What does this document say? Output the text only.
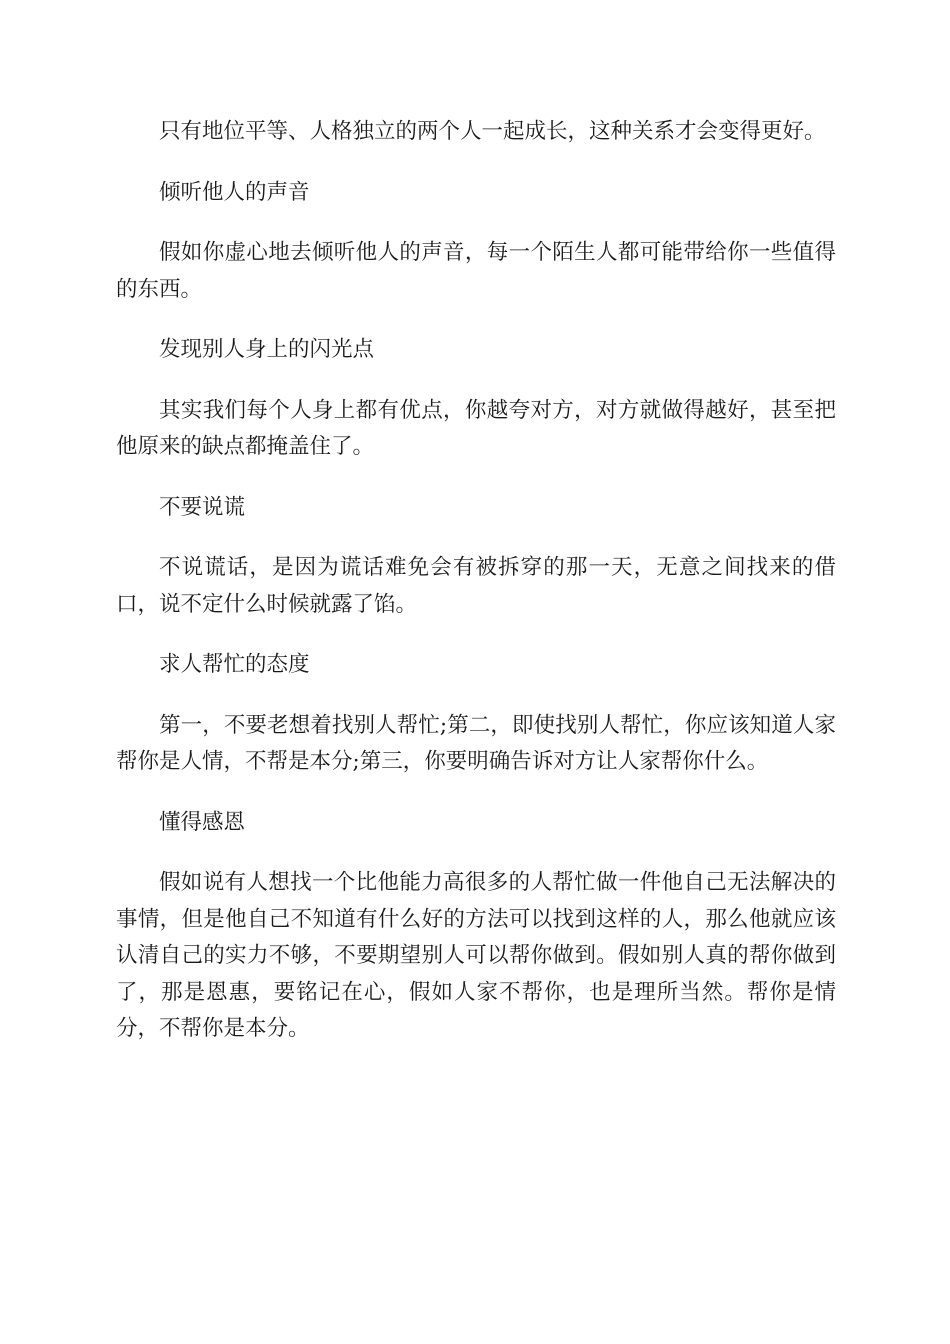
只有地位平等、人格独立的两个人一起成长，这种关系才会变得更好。

倾听他人的声音

假如你虚心地去倾听他人的声音，每一个陌生人都可能带给你一些值得的东西。

发现别人身上的闪光点

其实我们每个人身上都有优点，你越夸对方，对方就做得越好，甚至把他原来的缺点都掩盖住了。

不要说谎

不说谎话，是因为谎话难免会有被拆穿的那一天，无意之间找来的借口，说不定什么时候就露了馅。

求人帮忙的态度

第一，不要老想着找别人帮忙;第二，即使找别人帮忙，你应该知道人家帮你是人情，不帮是本分;第三，你要明确告诉对方让人家帮你什么。

懂得感恩

假如说有人想找一个比他能力高很多的人帮忙做一件他自己无法解决的事情，但是他自己不知道有什么好的方法可以找到这样的人，那么他就应该认清自己的实力不够，不要期望别人可以帮你做到。假如别人真的帮你做到了，那是恩惠，要铭记在心，假如人家不帮你，也是理所当然。帮你是情分，不帮你是本分。
